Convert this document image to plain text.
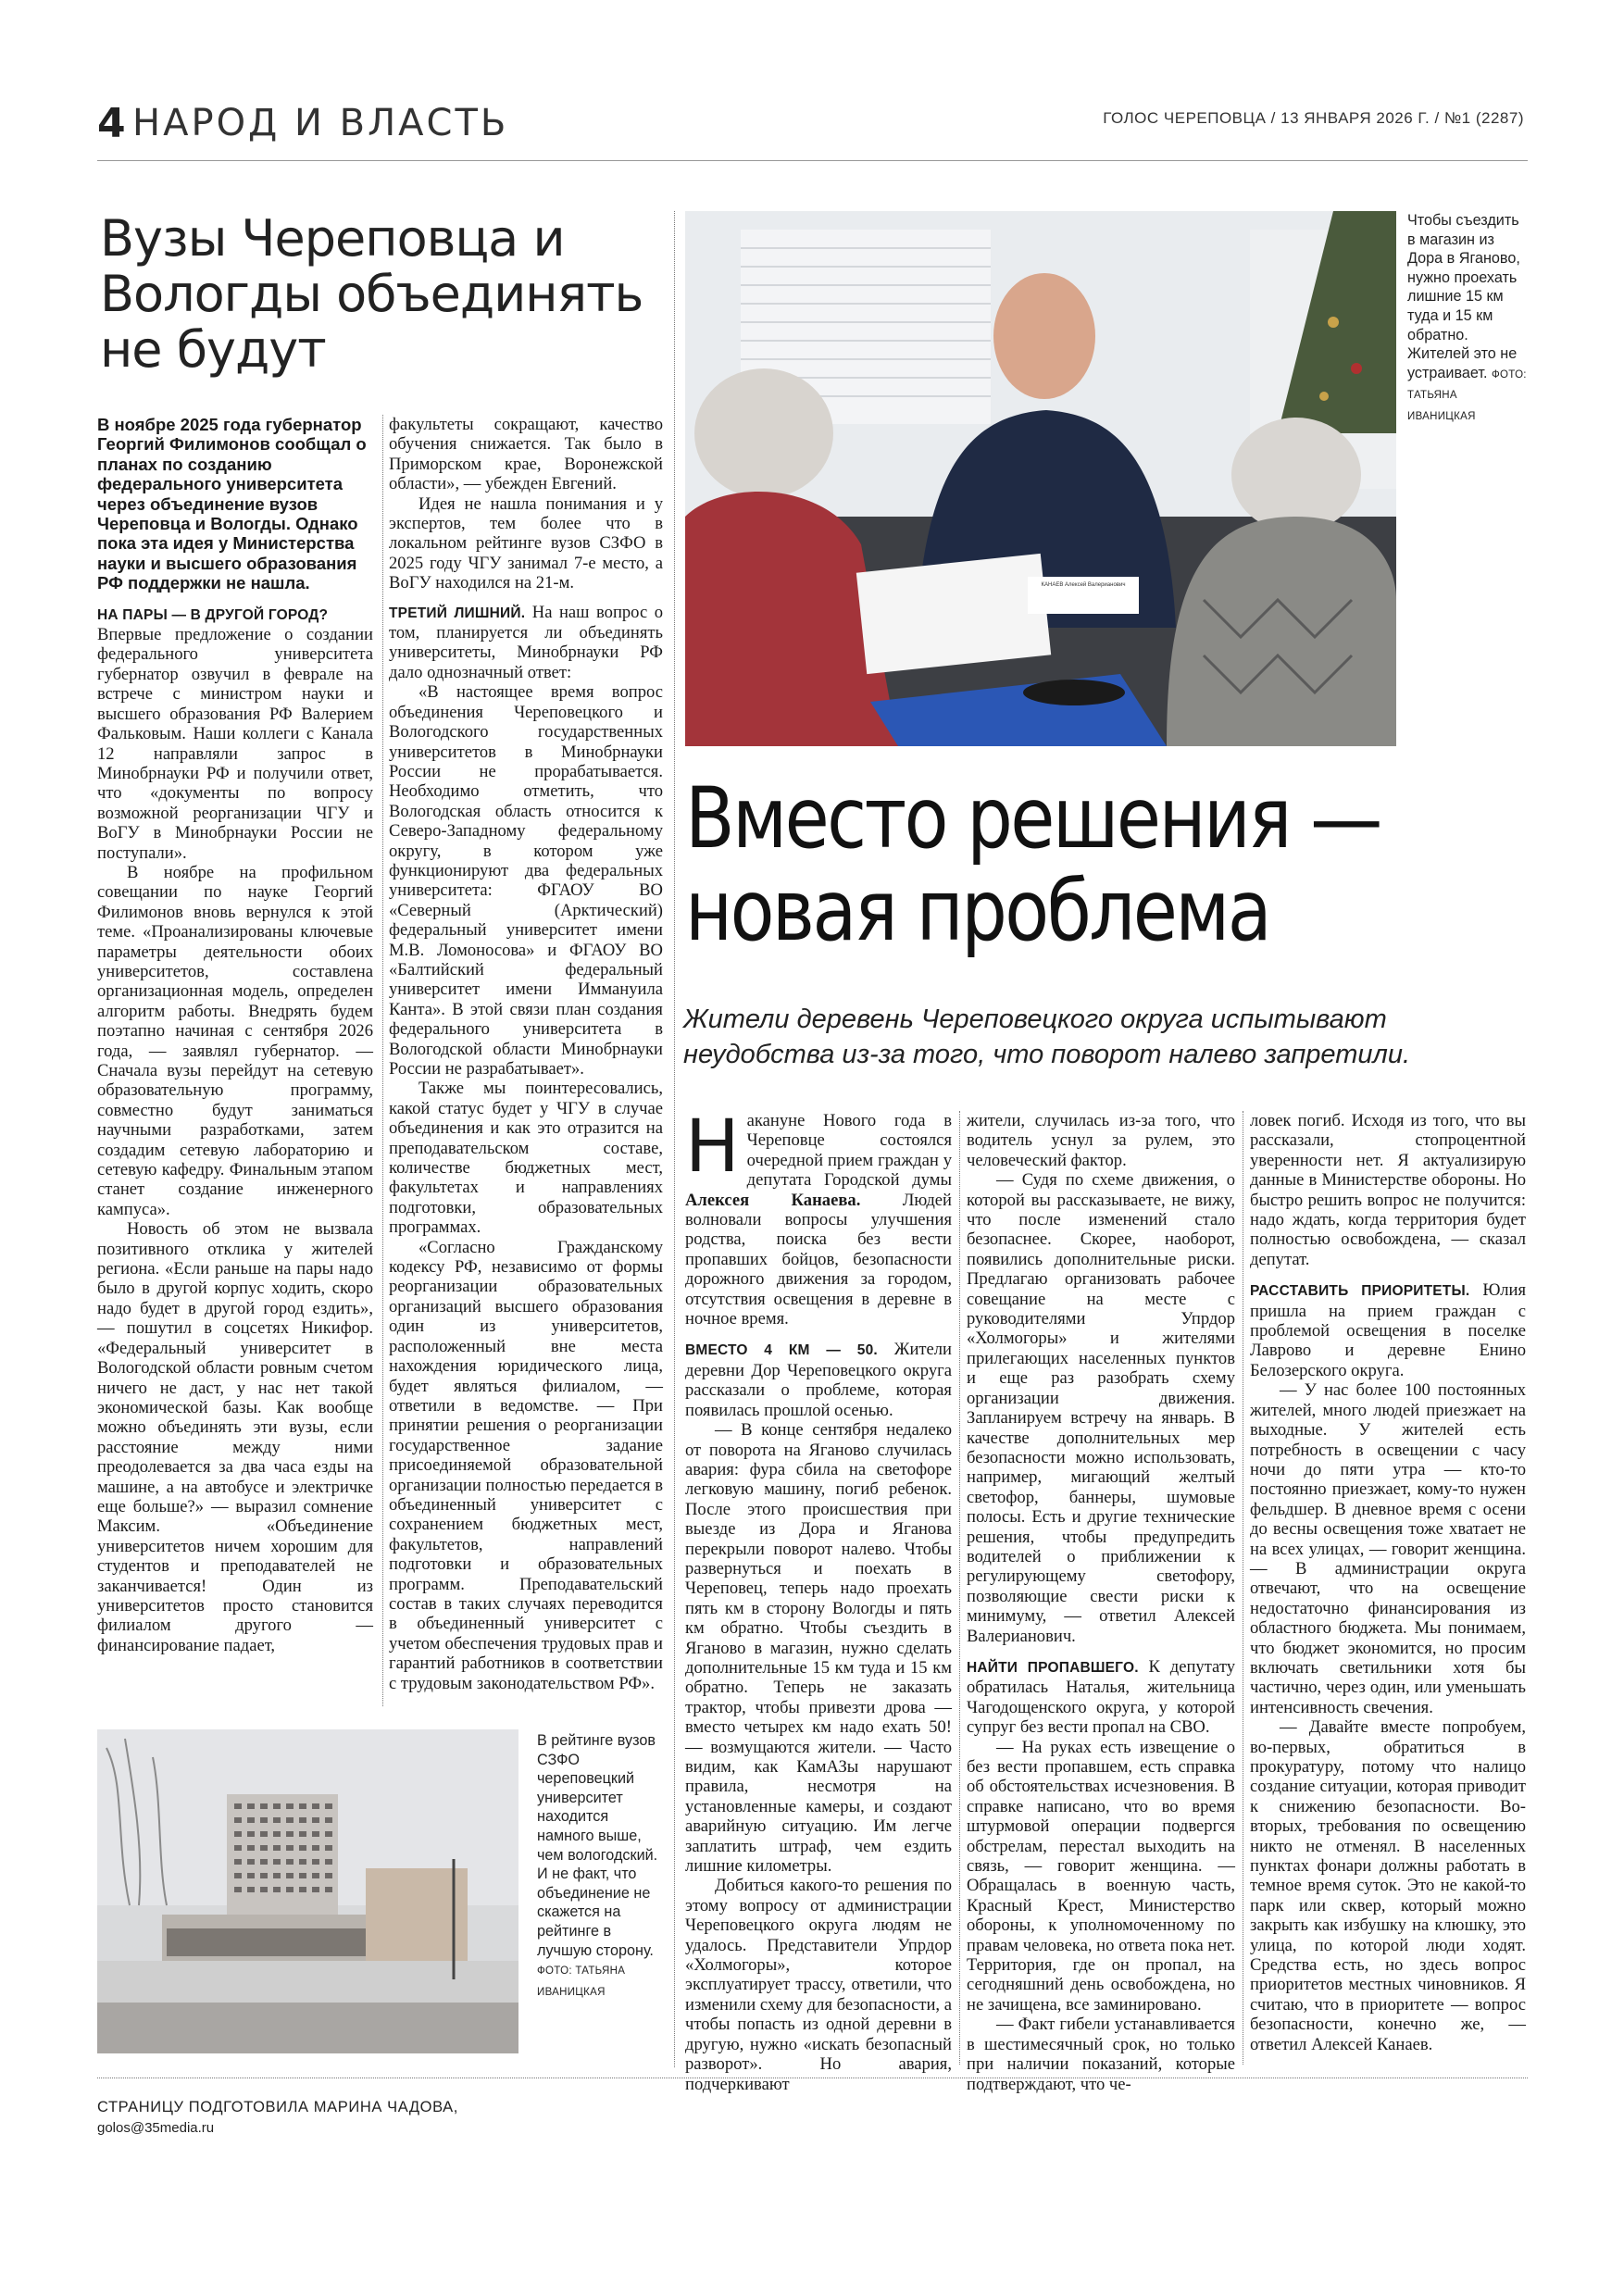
4 НАРОД И ВЛАСТЬ	ГОЛОС ЧЕРЕПОВЦА / 13 ЯНВАРЯ 2026 Г. / №1 (2287)
Вузы Череповца и Вологды объединять не будут

В ноябре 2025 года губернатор Георгий Филимонов сообщал о планах по созданию федерального университета через объединение вузов Череповца и Вологды. Однако пока эта идея у Министерства науки и высшего образования РФ поддержки не нашла.

НА ПАРЫ — В ДРУГОЙ ГОРОД?

Впервые предложение о создании федерального университета губернатор озвучил в феврале на встрече с министром науки и высшего образования РФ Валерием Фальковым. Наши коллеги с Канала 12 направляли запрос в Минобрнауки РФ и получили ответ, что «документы по вопросу возможной реорганизации ЧГУ и ВоГУ в Минобрнауки России не поступали».

В ноябре на профильном совещании по науке Георгий Филимонов вновь вернулся к этой теме. «Проанализированы ключевые параметры деятельности обоих университетов, составлена организационная модель, определен алгоритм работы. Внедрять будем поэтапно начиная с сентября 2026 года, — заявлял губернатор. — Сначала вузы перейдут на сетевую образовательную программу, совместно будут заниматься научными разработками, затем создадим сетевую лабораторию и сетевую кафедру. Финальным этапом станет создание инженерного кампуса».

Новость об этом не вызвала позитивного отклика у жителей региона. «Если раньше на пары надо было в другой корпус ходить, скоро надо будет в другой город ездить», — пошутил в соцсетях Никифор. «Федеральный университет в Вологодской области ровным счетом ничего не даст, у нас нет такой экономической базы. Как вообще можно объединять эти вузы, если расстояние между ними преодолевается за два часа езды на машине, а на автобусе и электричке еще больше?» — выразил сомнение Максим. «Объединение университетов ничем хорошим для студентов и преподавателей не заканчивается! Один из университетов просто становится филиалом другого — финансирование падает,

факультеты сокращают, качество обучения снижается. Так было в Приморском крае, Воронежской области», — убежден Евгений.

Идея не нашла понимания и у экспертов, тем более что в локальном рейтинге вузов СЗФО в 2025 году ЧГУ занимал 7-е место, а ВоГУ находился на 21-м.

ТРЕТИЙ ЛИШНИЙ. На наш вопрос о том, планируется ли объединять университеты, Минобрнауки РФ дало однозначный ответ:

«В настоящее время вопрос объединения Череповецкого и Вологодского государственных университетов в Минобрнауки России не прорабатывается. Необходимо отметить, что Вологодская область относится к Северо-Западному федеральному округу, в котором уже функционируют два федеральных университета: ФГАОУ ВО «Северный (Арктический) федеральный университет имени М.В. Ломоносова» и ФГАОУ ВО «Балтийский федеральный университет имени Иммануила Канта». В этой связи план создания федерального университета в Вологодской области Минобрнауки России не разрабатывает».

Также мы поинтересовались, какой статус будет у ЧГУ в случае объединения и как это отразится на преподавательском составе, количестве бюджетных мест, факультетах и направлениях подготовки, образовательных программах.

«Согласно Гражданскому кодексу РФ, независимо от формы реорганизации образовательных организаций высшего образования один из университетов, расположенный вне места нахождения юридического лица, будет являться филиалом, — ответили в ведомстве. — При принятии решения о реорганизации государственное задание присоединяемой образовательной организации полностью передается в объединенный университет с сохранением бюджетных мест, факультетов, направлений подготовки и образовательных программ. Преподавательский состав в таких случаях переводится в объединенный университет с учетом обеспечения трудовых прав и гарантий работников в соответствии с трудовым законодательством РФ».

В рейтинге вузов СЗФО череповецкий университет находится намного выше, чем вологодский. И не факт, что объединение не скажется на рейтинге в лучшую сторону.
ФОТО: ТАТЬЯНА ИВАНИЦКАЯ
КАНАЕВ Алексей Валерианович
Чтобы съездить в магазин из Дора в Яганово, нужно проехать лишние 15 км туда и 15 км обратно. Жителей это не устраивает. ФОТО: ТАТЬЯНА ИВАНИЦКАЯ
Вместо решения — новая проблема
Жители деревень Череповецкого округа испытывают неудобства из-за того, что поворот налево запретили.

Накануне Нового года в Череповце состоялся очередной прием граждан у депутата Городской думы Алексея Канаева. Людей волновали вопросы улучшения родства, поиска без вести пропавших бойцов, безопасности дорожного движения за городом, отсутствия освещения в деревне в ночное время.

ВМЕСТО 4 КМ — 50. Жители деревни Дор Череповецкого округа рассказали о проблеме, которая появилась прошлой осенью.

— В конце сентября недалеко от поворота на Яганово случилась авария: фура сбила на светофоре легковую машину, погиб ребенок. После этого происшествия при выезде из Дора и Яганова перекрыли поворот налево. Чтобы развернуться и поехать в Череповец, теперь надо проехать пять км в сторону Вологды и пять км обратно. Чтобы съездить в Яганово в магазин, нужно сделать дополнительные 15 км туда и 15 км обратно. Теперь не заказать трактор, чтобы привезти дрова — вместо четырех км надо ехать 50! — возмущаются жители. — Часто видим, как КамАЗы нарушают правила, несмотря на установленные камеры, и создают аварийную ситуацию. Им легче заплатить штраф, чем ездить лишние километры.

Добиться какого-то решения по этому вопросу от администрации Череповецкого округа людям не удалось. Представители Упрдор «Холмогоры», которое эксплуатирует трассу, ответили, что изменили схему для безопасности, а чтобы попасть из одной деревни в другую, нужно «искать безопасный разворот». Но авария, подчеркивают

жители, случилась из-за того, что водитель уснул за рулем, это человеческий фактор.

— Судя по схеме движения, о которой вы рассказываете, не вижу, что после изменений стало безопаснее. Скорее, наоборот, появились дополнительные риски. Предлагаю организовать рабочее совещание на месте с руководителями Упрдор «Холмогоры» и жителями прилегающих населенных пунктов и еще раз разобрать схему организации движения. Запланируем встречу на январь. В качестве дополнительных мер безопасности можно использовать, например, мигающий желтый светофор, баннеры, шумовые полосы. Есть и другие технические решения, чтобы предупредить водителей о приближении к регулирующему светофору, позволяющие свести риски к минимуму, — ответил Алексей Валерианович.

НАЙТИ ПРОПАВШЕГО. К депутату обратилась Наталья, жительница Чагодощенского округа, у которой супруг без вести пропал на СВО.

— На руках есть извещение о без вести пропавшем, есть справка об обстоятельствах исчезновения. В справке написано, что во время штурмовой операции подвергся обстрелам, перестал выходить на связь, — говорит женщина. — Обращалась в военную часть, Красный Крест, Министерство обороны, к уполномоченному по правам человека, но ответа пока нет. Территория, где он пропал, на сегодняшний день освобождена, но не зачищена, все заминировано.

— Факт гибели устанавливается в шестимесячный срок, но только при наличии показаний, которые подтверждают, что че-

ловек погиб. Исходя из того, что вы рассказали, стопроцентной уверенности нет. Я актуализирую данные в Министерстве обороны. Но быстро решить вопрос не получится: надо ждать, когда территория будет полностью освобождена, — сказал депутат.

РАССТАВИТЬ ПРИОРИТЕТЫ. Юлия пришла на прием граждан с проблемой освещения в поселке Лаврово и деревне Енино Белозерского округа.

— У нас более 100 постоянных жителей, много людей приезжает на выходные. У жителей есть потребность в освещении с часу ночи до пяти утра — кто-то постоянно приезжает, кому-то нужен фельдшер. В дневное время с осени до весны освещения тоже хватает не на всех улицах, — говорит женщина. — В администрации округа отвечают, что на освещение недостаточно финансирования из областного бюджета. Мы понимаем, что бюджет экономится, но просим включать светильники хотя бы частично, через один, или уменьшать интенсивность свечения.

— Давайте вместе попробуем, во-первых, обратиться в прокуратуру, потому что налицо создание ситуации, которая приводит к снижению безопасности. Во-вторых, требования по освещению никто не отменял. В населенных пунктах фонари должны работать в темное время суток. Это не какой-то парк или сквер, который можно закрыть как избушку на клюшку, это улица, по которой люди ходят. Средства есть, но здесь вопрос приоритетов местных чиновников. Я считаю, что в приоритете — вопрос безопасности, конечно же, — ответил Алексей Канаев.

СТРАНИЦУ ПОДГОТОВИЛА МАРИНА ЧАДОВА,
golos@35media.ru
